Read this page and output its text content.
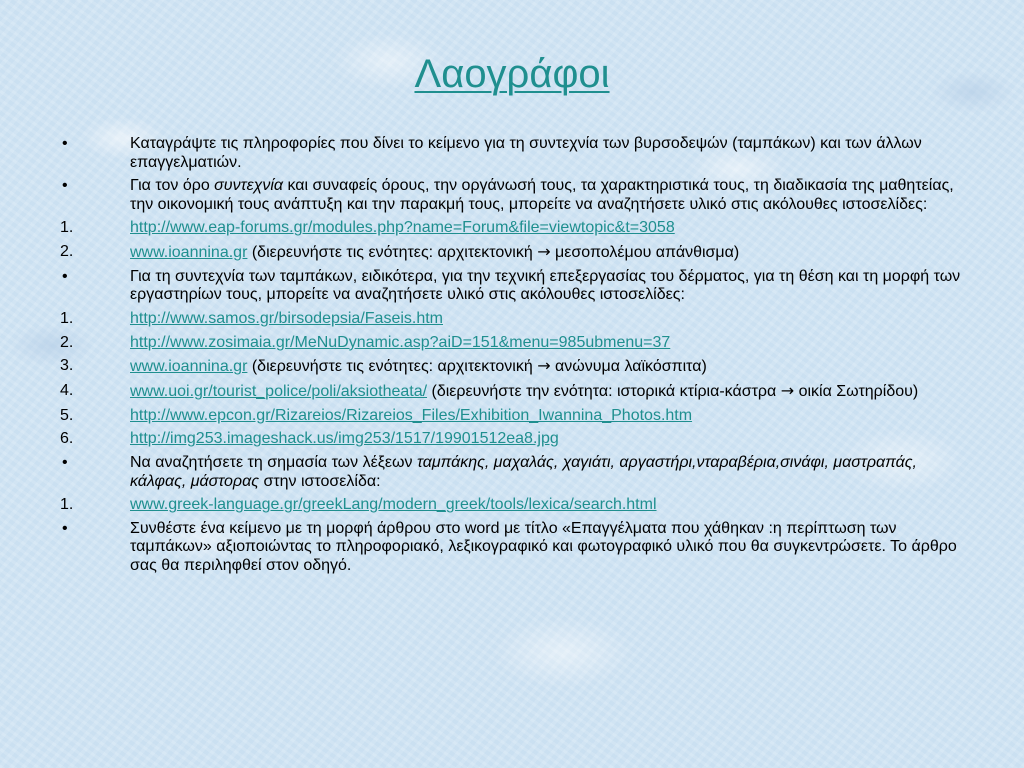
Λαογράφοι
•	Καταγράψτε τις πληροφορίες που δίνει το κείμενο για τη συντεχνία των βυρσοδεψών (ταμπάκων) και των άλλων επαγγελματιών.
•	Για τον όρο συντεχνία και συναφείς όρους, την οργάνωσή τους, τα χαρακτηριστικά τους, τη διαδικασία της μαθητείας, την οικονομική τους ανάπτυξη και την παρακμή τους, μπορείτε να αναζητήσετε υλικό στις ακόλουθες ιστοσελίδες:
1.	http://www.eap-forums.gr/modules.php?name=Forum&file=viewtopic&t=3058
2.	www.ioannina.gr (διερευνήστε τις ενότητες: αρχιτεκτονική → μεσοπολέμου απάνθισμα)
•	Για τη συντεχνία των ταμπάκων, ειδικότερα, για την τεχνική επεξεργασίας του δέρματος, για τη θέση και τη μορφή των εργαστηρίων τους, μπορείτε να αναζητήσετε υλικό στις ακόλουθες ιστοσελίδες:
1.	http://www.samos.gr/birsodepsia/Faseis.htm
2.	http://www.zosimaia.gr/MeNuDynamic.asp?aiD=151&menu=985ubmenu=37
3.	www.ioannina.gr (διερευνήστε τις ενότητες: αρχιτεκτονική → ανώνυμα λαϊκόσπιτα)
4.	www.uoi.gr/tourist_police/poli/aksiotheata/ (διερευνήστε την ενότητα: ιστορικά κτίρια-κάστρα → οικία Σωτηρίδου)
5.	http://www.epcon.gr/Rizareios/Rizareios_Files/Exhibition_Iwannina_Photos.htm
6.	http://img253.imageshack.us/img253/1517/19901512ea8.jpg
•	Να αναζητήσετε τη σημασία των λέξεων ταμπάκης, μαχαλάς, χαγιάτι, αργαστήρι,νταραβέρια,σινάφι, μαστραπάς, κάλφας, μάστορας στην ιστοσελίδα:
1.	www.greek-language.gr/greekLang/modern_greek/tools/lexica/search.html
•	Συνθέστε ένα κείμενο με τη μορφή άρθρου στο word με τίτλο «Επαγγέλματα που χάθηκαν :η περίπτωση των ταμπάκων» αξιοποιώντας το πληροφοριακό, λεξικογραφικό και φωτογραφικό υλικό που θα συγκεντρώσετε. Το άρθρο σας θα περιληφθεί στον οδηγό.
